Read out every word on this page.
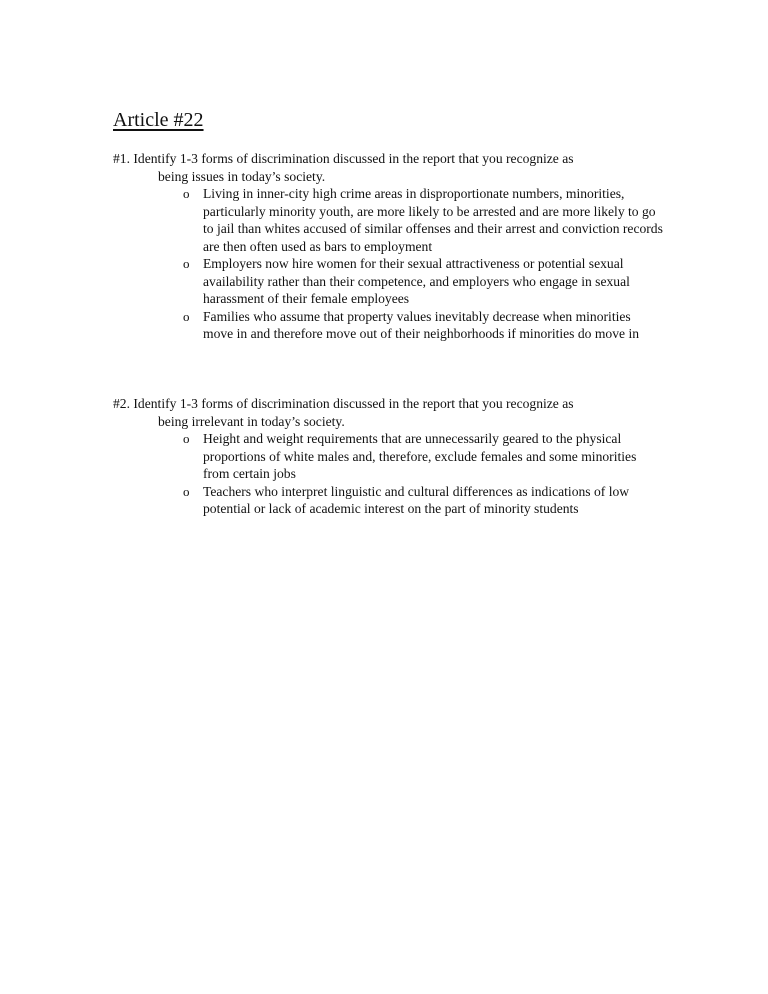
Article #22
#1. Identify 1-3 forms of discrimination discussed in the report that you recognize as
being issues in today’s society.
o Living in inner-city high crime areas in disproportionate numbers, minorities, particularly minority youth, are more likely to be arrested and are more likely to go to jail than whites accused of similar offenses and their arrest and conviction records are then often used as bars to employment
o Employers now hire women for their sexual attractiveness or potential sexual availability rather than their competence, and employers who engage in sexual harassment of their female employees
o Families who assume that property values inevitably decrease when minorities move in and therefore move out of their neighborhoods if minorities do move in
#2. Identify 1-3 forms of discrimination discussed in the report that you recognize as
being irrelevant in today’s society.
o Height and weight requirements that are unnecessarily geared to the physical proportions of white males and, therefore, exclude females and some minorities from certain jobs
o Teachers who interpret linguistic and cultural differences as indications of low potential or lack of academic interest on the part of minority students
